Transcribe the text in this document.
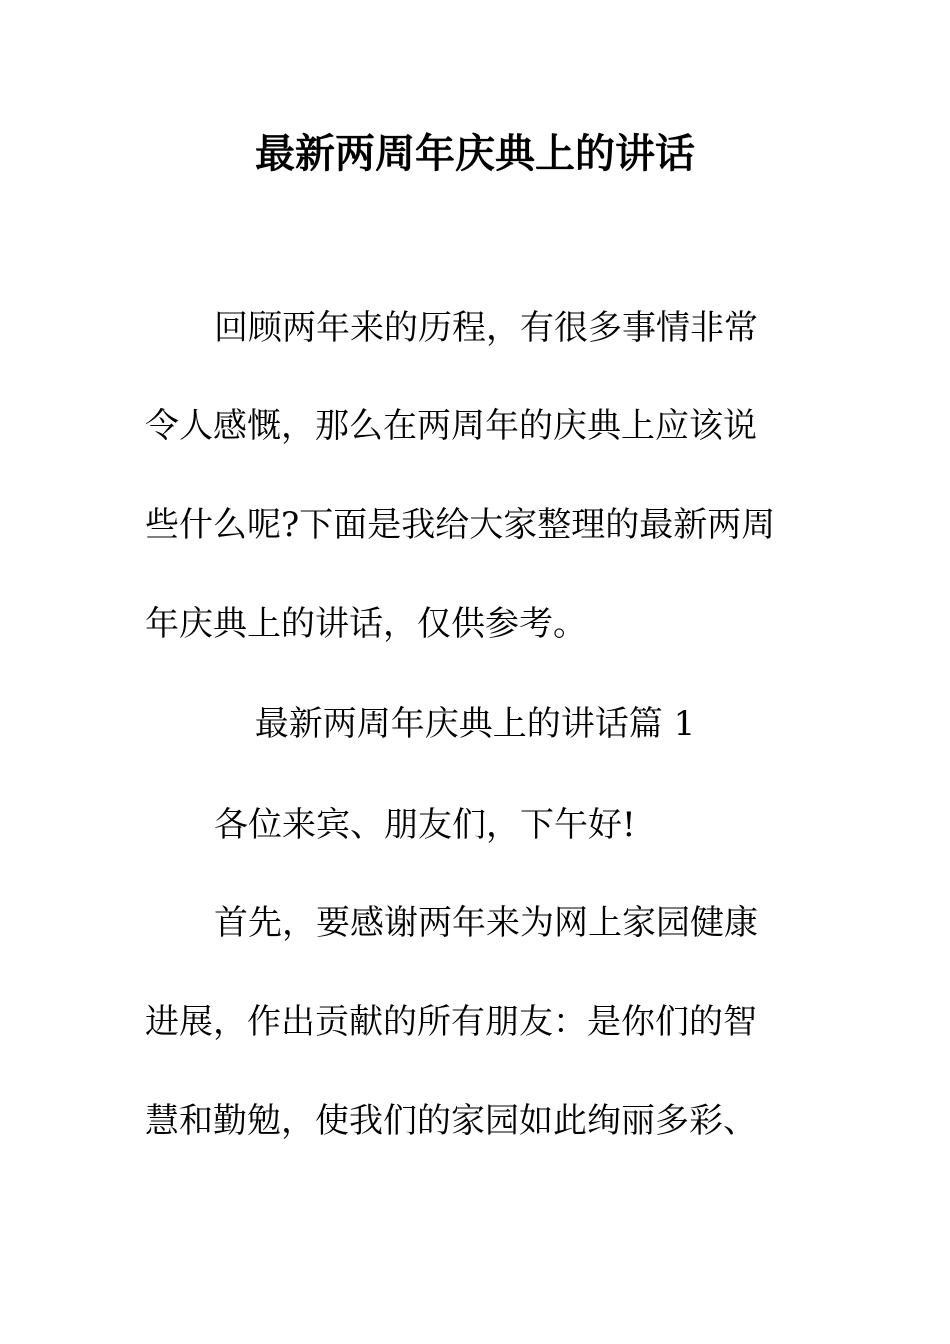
最新两周年庆典上的讲话
回顾两年来的历程，有很多事情非常
令人感慨，那么在两周年的庆典上应该说
些什么呢?下面是我给大家整理的最新两周
年庆典上的讲话，仅供参考。
最新两周年庆典上的讲话篇 1
各位来宾、朋友们，下午好!
首先，要感谢两年来为网上家园健康
进展，作出贡献的所有朋友：是你们的智
慧和勤勉，使我们的家园如此绚丽多彩、
